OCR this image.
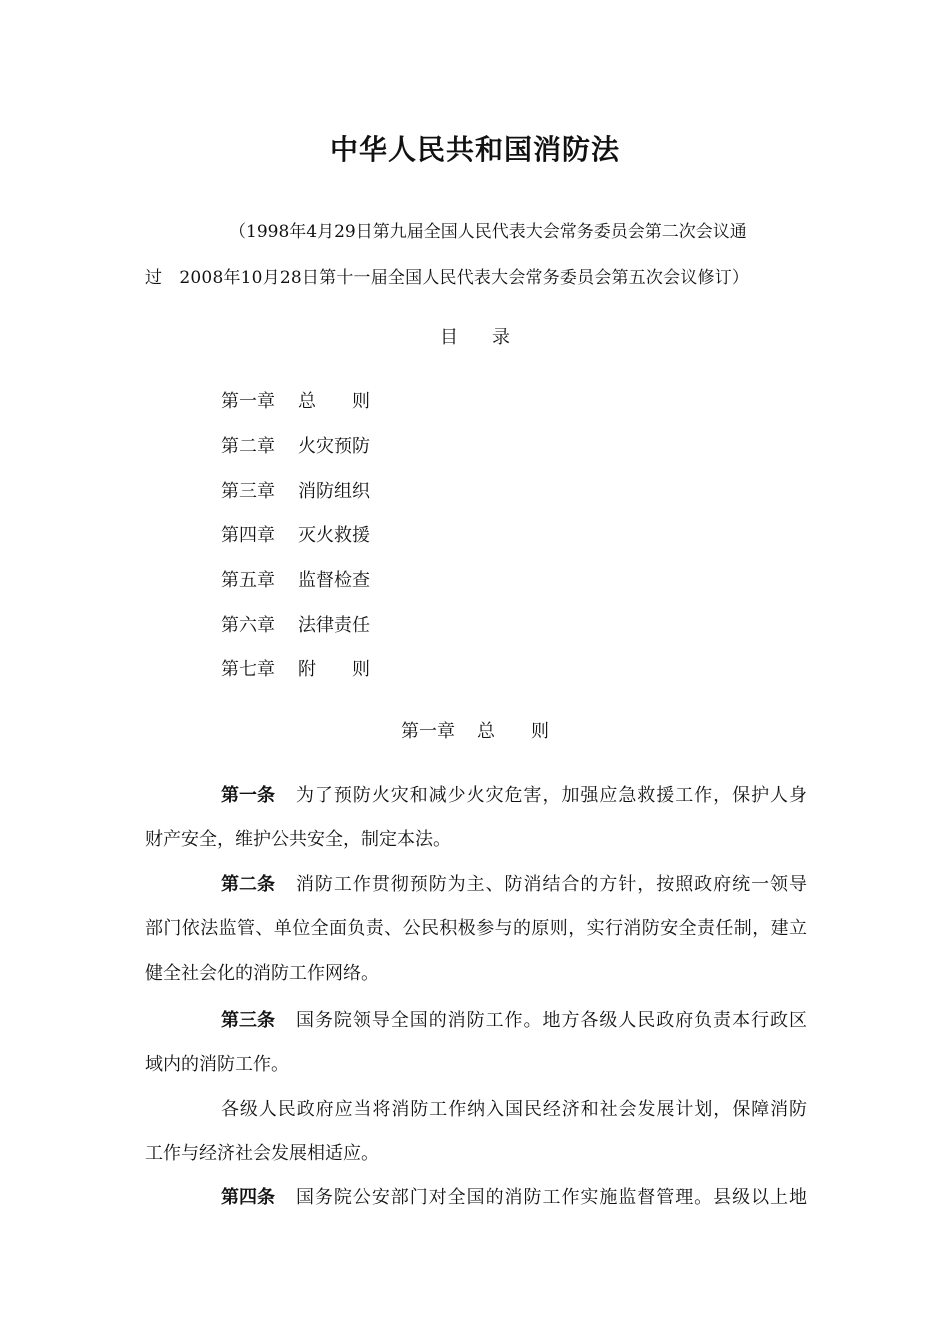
中华人民共和国消防法
（1998年4月29日第九届全国人民代表大会常务委员会第二次会议通
过　2008年10月28日第十一届全国人民代表大会常务委员会第五次会议修订）
目 录
第一章 总　　则
第二章 火灾预防
第三章 消防组织
第四章 灭火救援
第五章 监督检查
第六章 法律责任
第七章 附　　则
第一章 总　　则
第一条 为了预防火灾和减少火灾危害，加强应急救援工作，保护人身
财产安全，维护公共安全，制定本法。
第二条 消防工作贯彻预防为主、防消结合的方针，按照政府统一领导
部门依法监管、单位全面负责、公民积极参与的原则，实行消防安全责任制，建立
健全社会化的消防工作网络。
第三条 国务院领导全国的消防工作。地方各级人民政府负责本行政区
域内的消防工作。
各级人民政府应当将消防工作纳入国民经济和社会发展计划，保障消防
工作与经济社会发展相适应。
第四条 国务院公安部门对全国的消防工作实施监督管理。县级以上地
